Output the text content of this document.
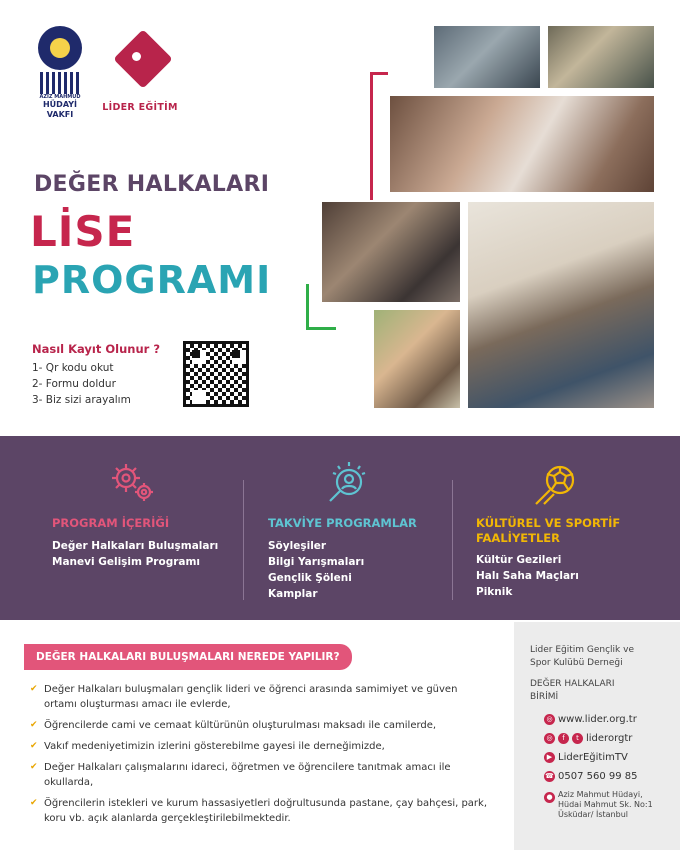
AZİZ MAHMUD
HÜDAYİ
VAKFI
LİDER EĞİTİM
DEĞER HALKALARI
LİSE
PROGRAMI
Nasıl Kayıt Olunur ?
1- Qr kodu okut
2- Formu doldur
3- Biz sizi arayalım
PROGRAM İÇERİĞİ
Değer Halkaları Buluşmaları
Manevi Gelişim Programı
TAKVİYE PROGRAMLAR
Söyleşiler
Bilgi Yarışmaları
Gençlik Şöleni
Kamplar
KÜLTÜREL VE SPORTİF
FAALİYETLER
Kültür Gezileri
Halı Saha Maçları
Piknik
DEĞER HALKALARI BULUŞMALARI NEREDE YAPILIR?
✔ Değer Halkaları buluşmaları gençlik lideri ve öğrenci arasında samimiyet ve güven ortamı oluşturması amacı ile evlerde,
✔ Öğrencilerde cami ve cemaat kültürünün oluşturulması maksadı ile camilerde,
✔ Vakıf medeniyetimizin izlerini gösterebilme gayesi ile derneğimizde,
✔ Değer Halkaları çalışmalarını idareci, öğretmen ve öğrencilere tanıtmak amacı ile okullarda,
✔ Öğrencilerin istekleri ve kurum hassasiyetleri doğrultusunda pastane, çay bahçesi, park, koru vb. açık alanlarda gerçekleştirilebilmektedir.
Lider Eğitim Gençlik ve
Spor Kulübü Derneği
DEĞER HALKALARI
BİRİMİ
◎ www.lider.org.tr
◎	f	t liderorgtr
▶ LiderEğitimTV
☎ 0507 560 99 85
● Aziz Mahmut Hüdayi,
Hüdai Mahmut Sk. No:1
Üsküdar/ İstanbul
